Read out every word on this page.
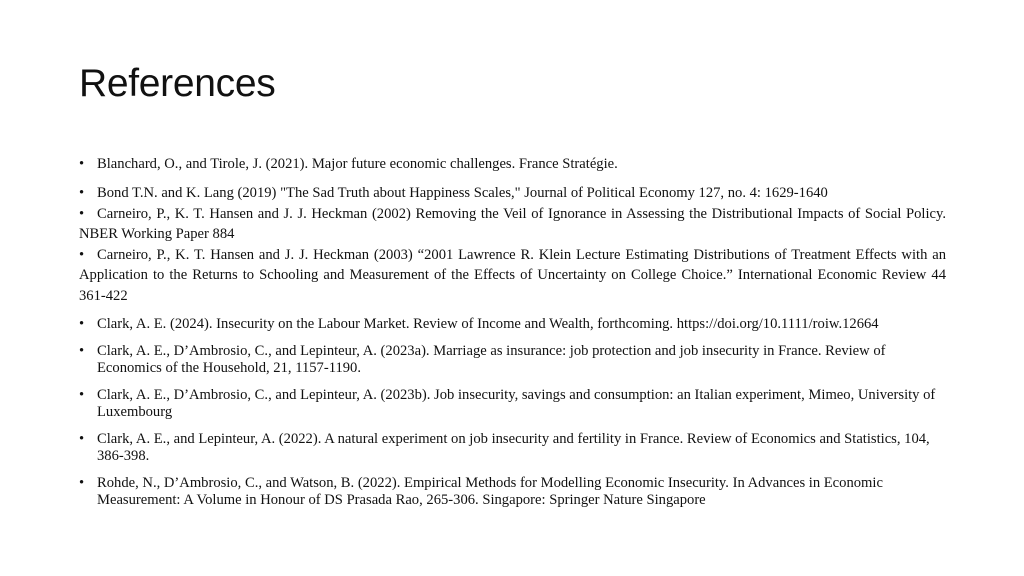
References
• Blanchard, O., and Tirole, J. (2021). Major future economic challenges. France Stratégie.
• Bond T.N. and K. Lang (2019) "The Sad Truth about Happiness Scales," Journal of Political Economy 127, no. 4: 1629-1640
• Carneiro, P., K. T. Hansen and J. J. Heckman (2002) Removing the Veil of Ignorance in Assessing the Distributional Impacts of Social Policy. NBER Working Paper 884
• Carneiro, P., K. T. Hansen and J. J. Heckman (2003) “2001 Lawrence R. Klein Lecture Estimating Distributions of Treatment Effects with an Application to the Returns to Schooling and Measurement of the Effects of Uncertainty on College Choice.” International Economic Review 44 361-422
• Clark, A. E. (2024). Insecurity on the Labour Market. Review of Income and Wealth, forthcoming. https://doi.org/10.1111/roiw.12664
• Clark, A. E., D’Ambrosio, C., and Lepinteur, A. (2023a). Marriage as insurance: job protection and job insecurity in France. Review of Economics of the Household, 21, 1157-1190.
• Clark, A. E., D’Ambrosio, C., and Lepinteur, A. (2023b). Job insecurity, savings and consumption: an Italian experiment, Mimeo, University of Luxembourg
• Clark, A. E., and Lepinteur, A. (2022). A natural experiment on job insecurity and fertility in France. Review of Economics and Statistics, 104, 386-398.
• Rohde, N., D’Ambrosio, C., and Watson, B. (2022). Empirical Methods for Modelling Economic Insecurity. In Advances in Economic Measurement: A Volume in Honour of DS Prasada Rao, 265-306. Singapore: Springer Nature Singapore
